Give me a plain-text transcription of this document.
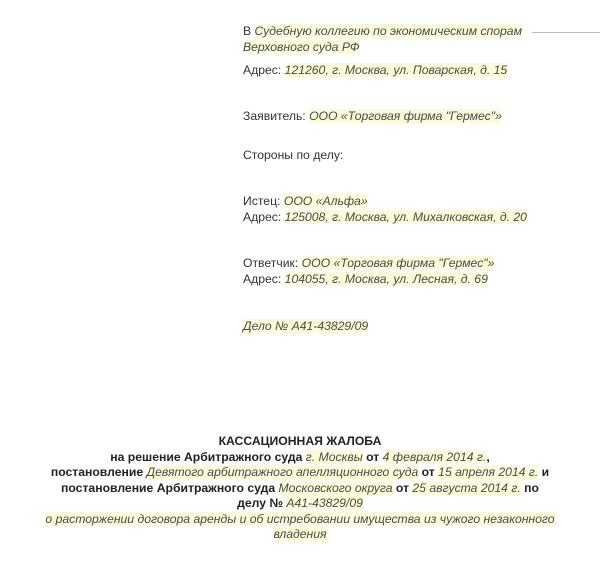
В Судебную коллегию по экономическим спорам
Верховного суда РФ
Адрес: 121260, г. Москва, ул. Поварская, д. 15
Заявитель: ООО «Торговая фирма "Гермес"»
Стороны по делу:
Истец: ООО «Альфа»
Адрес: 125008, г. Москва, ул. Михалковская, д. 20
Ответчик: ООО «Торговая фирма "Гермес"»
Адрес: 104055, г. Москва, ул. Лесная, д. 69
Дело № А41-43829/09
КАССАЦИОННАЯ ЖАЛОБА
на решение Арбитражного суда г. Москвы от 4 февраля 2014 г.,
постановление Девятого арбитражного апелляционного суда от 15 апреля 2014 г. и
постановление Арбитражного суда Московского округа от 25 августа 2014 г. по
делу № А41-43829/09
о расторжении договора аренды и об истребовании имущества из чужого незаконного
владения
